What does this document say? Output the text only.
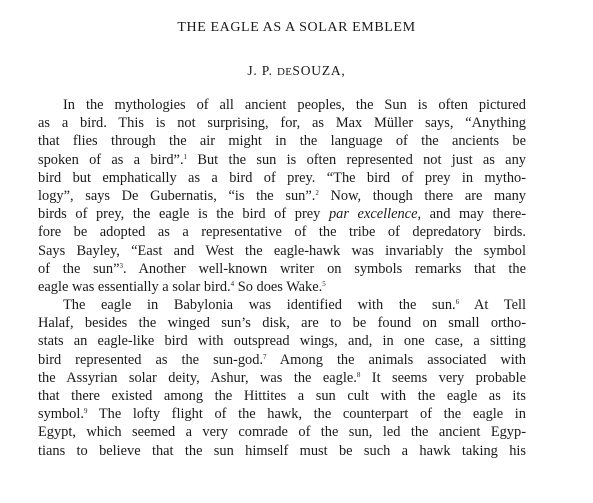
THE EAGLE AS A SOLAR EMBLEM

J. P. DESOUZA,

In the mythologies of all ancient peoples, the Sun is often pictured
as a bird. This is not surprising, for, as Max Müller says, “Anything
that flies through the air might in the language of the ancients be
spoken of as a bird”.$^1$ But the sun is often represented not just as any
bird but emphatically as a bird of prey. “The bird of prey in mytho-
logy”, says De Gubernatis, “is the sun”.$^2$ Now, though there are many
birds of prey, the eagle is the bird of prey par excellence, and may there-
fore be adopted as a representative of the tribe of depredatory birds.
Says Bayley, “East and West the eagle-hawk was invariably the symbol
of the sun”$^3$. Another well-known writer on symbols remarks that the
eagle was essentially a solar bird.$^4$ So does Wake.$^5$
The eagle in Babylonia was identified with the sun.$^6$ At Tell
Halaf, besides the winged sun’s disk, are to be found on small ortho-
stats an eagle-like bird with outspread wings, and, in one case, a sitting
bird represented as the sun-god.$^7$ Among the animals associated with
the Assyrian solar deity, Ashur, was the eagle.$^8$ It seems very probable
that there existed among the Hittites a sun cult with the eagle as its
symbol.$^9$ The lofty flight of the hawk, the counterpart of the eagle in
Egypt, which seemed a very comrade of the sun, led the ancient Egyp-
tians to believe that the sun himself must be such a hawk taking his
